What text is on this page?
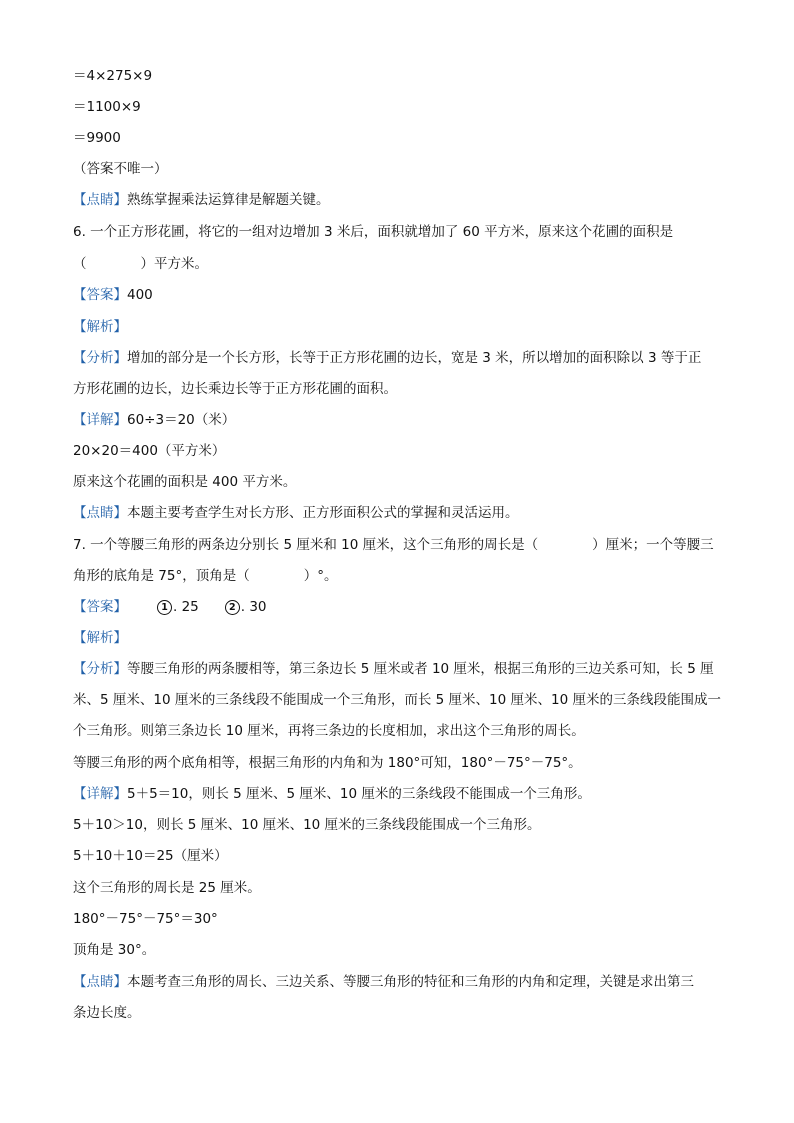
＝4×275×9
＝1100×9
＝9900
（答案不唯一）
【点睛】熟练掌握乘法运算律是解题关键。
6. 一个正方形花圃，将它的一组对边增加 3 米后，面积就增加了 60 平方米，原来这个花圃的面积是
（　　　　）平方米。
【答案】400
【解析】
【分析】增加的部分是一个长方形，长等于正方形花圃的边长，宽是 3 米，所以增加的面积除以 3 等于正
方形花圃的边长，边长乘边长等于正方形花圃的面积。
【详解】60÷3＝20（米）
20×20＝400（平方米）
原来这个花圃的面积是 400 平方米。
【点睛】本题主要考查学生对长方形、正方形面积公式的掌握和灵活运用。
7. 一个等腰三角形的两条边分别长 5 厘米和 10 厘米，这个三角形的周长是（　　　　）厘米；一个等腰三
角形的底角是 75°，顶角是（　　　　）°。
【答案】	1 . 25	2 . 30
【解析】
【分析】等腰三角形的两条腰相等，第三条边长 5 厘米或者 10 厘米，根据三角形的三边关系可知，长 5 厘
米、5 厘米、10 厘米的三条线段不能围成一个三角形，而长 5 厘米、10 厘米、10 厘米的三条线段能围成一
个三角形。则第三条边长 10 厘米，再将三条边的长度相加，求出这个三角形的周长。
等腰三角形的两个底角相等，根据三角形的内角和为 180°可知，180°－75°－75°。
【详解】5＋5＝10，则长 5 厘米、5 厘米、10 厘米的三条线段不能围成一个三角形。
5＋10＞10，则长 5 厘米、10 厘米、10 厘米的三条线段能围成一个三角形。
5＋10＋10＝25（厘米）
这个三角形的周长是 25 厘米。
180°－75°－75°＝30°
顶角是 30°。
【点睛】本题考查三角形的周长、三边关系、等腰三角形的特征和三角形的内角和定理，关键是求出第三
条边长度。
